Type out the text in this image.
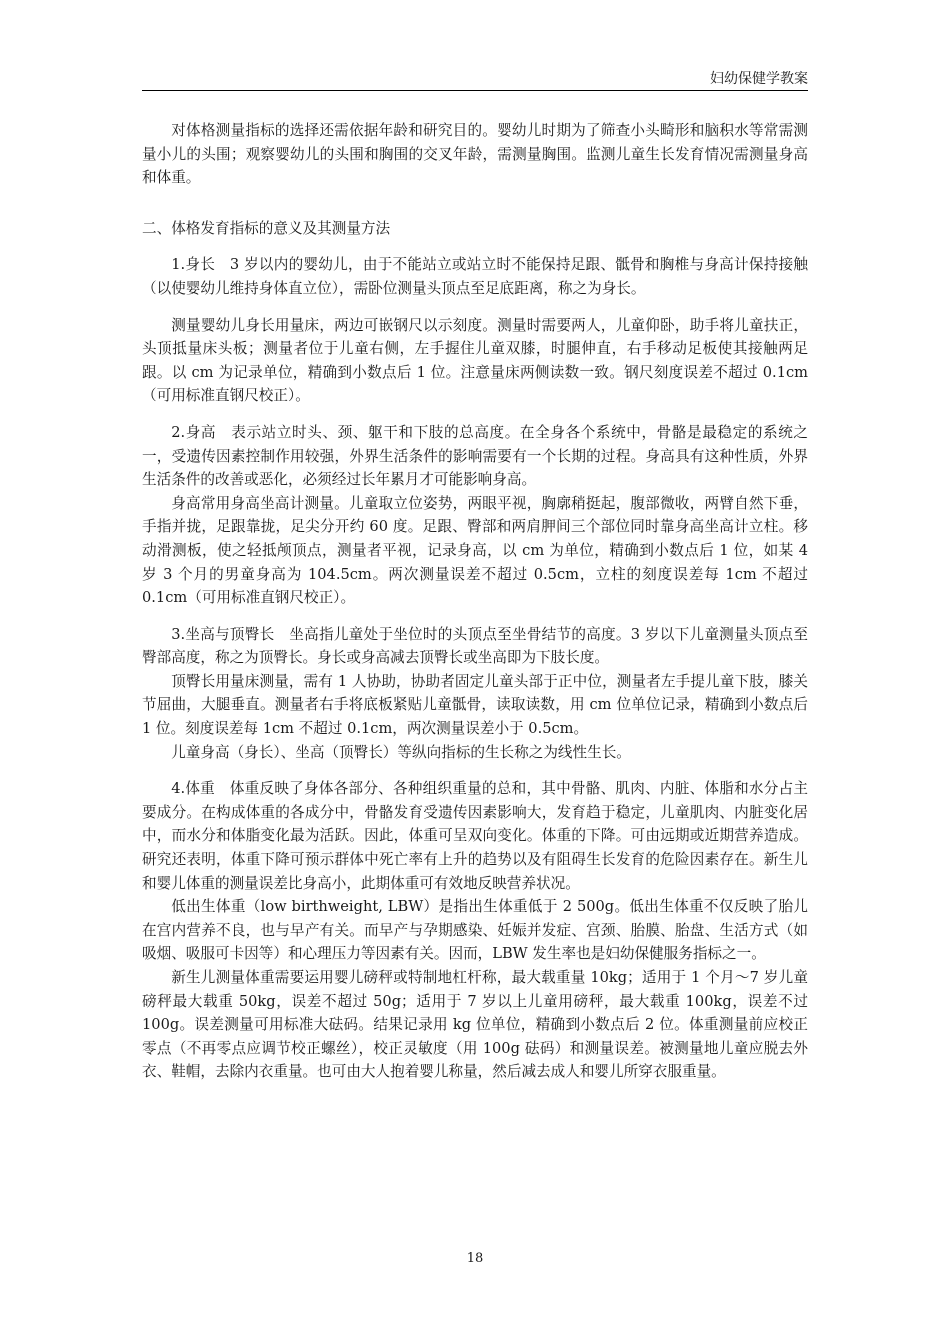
妇幼保健学教案

对体格测量指标的选择还需依据年龄和研究目的。婴幼儿时期为了筛查小头畸形和脑积水等常需测量小儿的头围；观察婴幼儿的头围和胸围的交叉年龄，需测量胸围。监测儿童生长发育情况需测量身高和体重。

二、体格发育指标的意义及其测量方法

1.身长　3 岁以内的婴幼儿，由于不能站立或站立时不能保持足跟、骶骨和胸椎与身高计保持接触（以使婴幼儿维持身体直立位），需卧位测量头顶点至足底距离，称之为身长。

测量婴幼儿身长用量床，两边可嵌钢尺以示刻度。测量时需要两人，儿童仰卧，助手将儿童扶正，头顶抵量床头板；测量者位于儿童右侧，左手握住儿童双膝，时腿伸直，右手移动足板使其接触两足跟。以 cm 为记录单位，精确到小数点后 1 位。注意量床两侧读数一致。钢尺刻度误差不超过 0.1cm（可用标准直钢尺校正）。

2.身高　表示站立时头、颈、躯干和下肢的总高度。在全身各个系统中，骨骼是最稳定的系统之一，受遗传因素控制作用较强，外界生活条件的影响需要有一个长期的过程。身高具有这种性质，外界生活条件的改善或恶化，必须经过长年累月才可能影响身高。

身高常用身高坐高计测量。儿童取立位姿势，两眼平视，胸廓稍挺起，腹部微收，两臂自然下垂，手指并拢，足跟靠拢，足尖分开约 60 度。足跟、臀部和两肩胛间三个部位同时靠身高坐高计立柱。移动滑测板，使之轻抵颅顶点，测量者平视，记录身高，以 cm 为单位，精确到小数点后 1 位，如某 4 岁 3 个月的男童身高为 104.5cm。两次测量误差不超过 0.5cm，立柱的刻度误差每 1cm 不超过 0.1cm（可用标准直钢尺校正）。

3.坐高与顶臀长　坐高指儿童处于坐位时的头顶点至坐骨结节的高度。3 岁以下儿童测量头顶点至臀部高度，称之为顶臀长。身长或身高减去顶臀长或坐高即为下肢长度。

顶臀长用量床测量，需有 1 人协助，协助者固定儿童头部于正中位，测量者左手提儿童下肢，膝关节屈曲，大腿垂直。测量者右手将底板紧贴儿童骶骨，读取读数，用 cm 位单位记录，精确到小数点后 1 位。刻度误差每 1cm 不超过 0.1cm，两次测量误差小于 0.5cm。

儿童身高（身长）、坐高（顶臀长）等纵向指标的生长称之为线性生长。

4.体重　体重反映了身体各部分、各种组织重量的总和，其中骨骼、肌肉、内脏、体脂和水分占主要成分。在构成体重的各成分中，骨骼发育受遗传因素影响大，发育趋于稳定，儿童肌肉、内脏变化居中，而水分和体脂变化最为活跃。因此，体重可呈双向变化。体重的下降。可由远期或近期营养造成。研究还表明，体重下降可预示群体中死亡率有上升的趋势以及有阻碍生长发育的危险因素存在。新生儿和婴儿体重的测量误差比身高小，此期体重可有效地反映营养状况。

低出生体重（low birthweight, LBW）是指出生体重低于 2 500g。低出生体重不仅反映了胎儿在宫内营养不良，也与早产有关。而早产与孕期感染、妊娠并发症、宫颈、胎膜、胎盘、生活方式（如吸烟、吸服可卡因等）和心理压力等因素有关。因而，LBW 发生率也是妇幼保健服务指标之一。

新生儿测量体重需要运用婴儿磅秤或特制地杠杆称，最大载重量 10kg；适用于 1 个月～7 岁儿童磅秤最大载重 50kg，误差不超过 50g；适用于 7 岁以上儿童用磅秤，最大载重 100kg，误差不过 100g。误差测量可用标准大砝码。结果记录用 kg 位单位，精确到小数点后 2 位。体重测量前应校正零点（不再零点应调节校正螺丝），校正灵敏度（用 100g 砝码）和测量误差。被测量地儿童应脱去外衣、鞋帽，去除内衣重量。也可由大人抱着婴儿称量，然后减去成人和婴儿所穿衣服重量。

18
